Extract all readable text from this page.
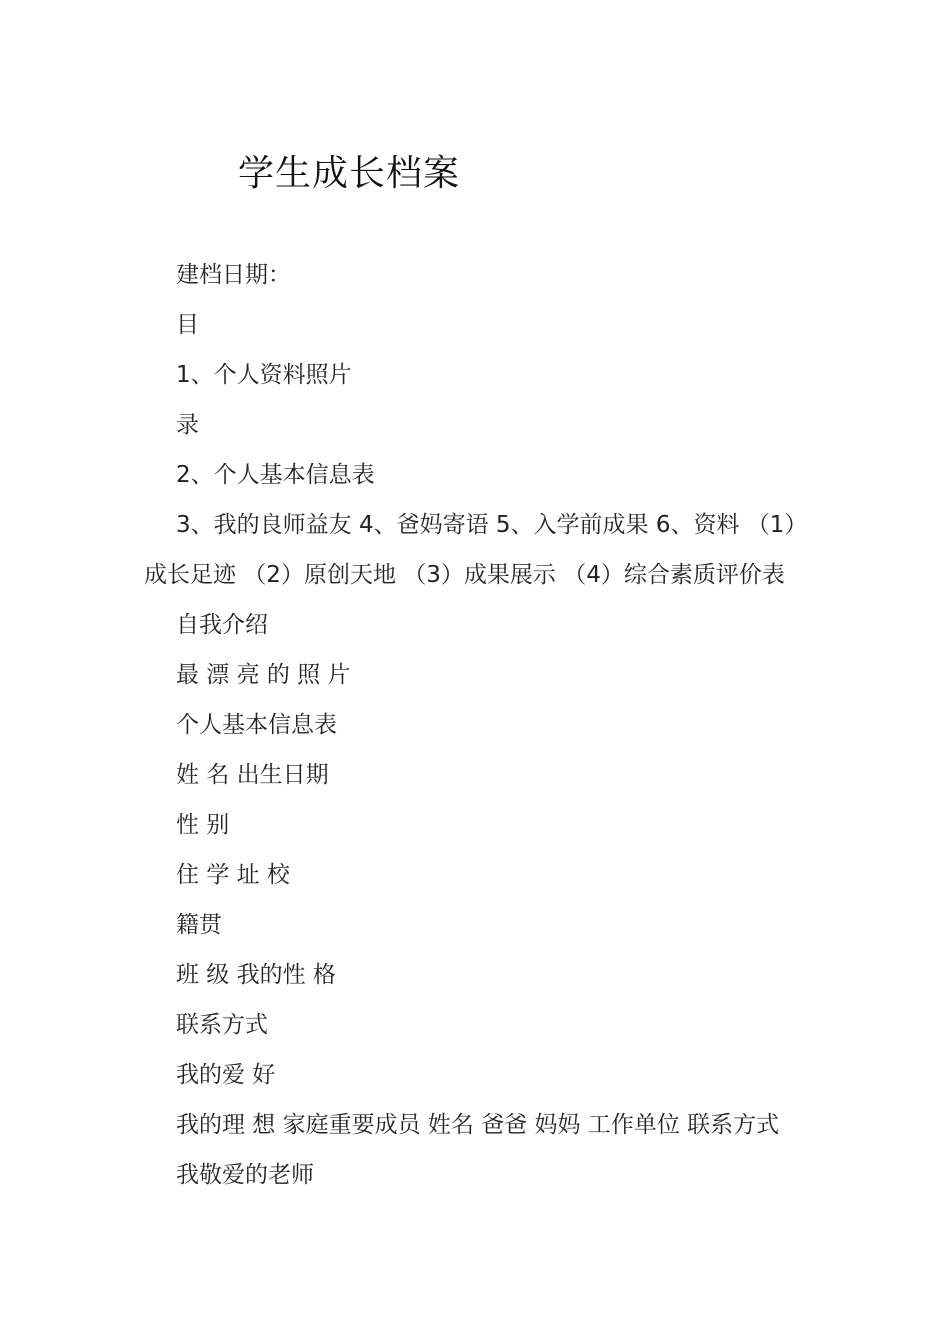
学生成长档案

建档日期：

目

1、个人资料照片

录

2、个人基本信息表

3、我的良师益友 4、爸妈寄语 5、入学前成果 6、资料 （1）成长足迹 （2）原创天地 （3）成果展示 （4）综合素质评价表

自我介绍

最 漂 亮 的 照 片

个人基本信息表

姓 名 出生日期

性 别

住 学 址 校

籍贯

班 级 我的性 格

联系方式

我的爱 好

我的理 想 家庭重要成员 姓名 爸爸 妈妈 工作单位 联系方式

我敬爱的老师
